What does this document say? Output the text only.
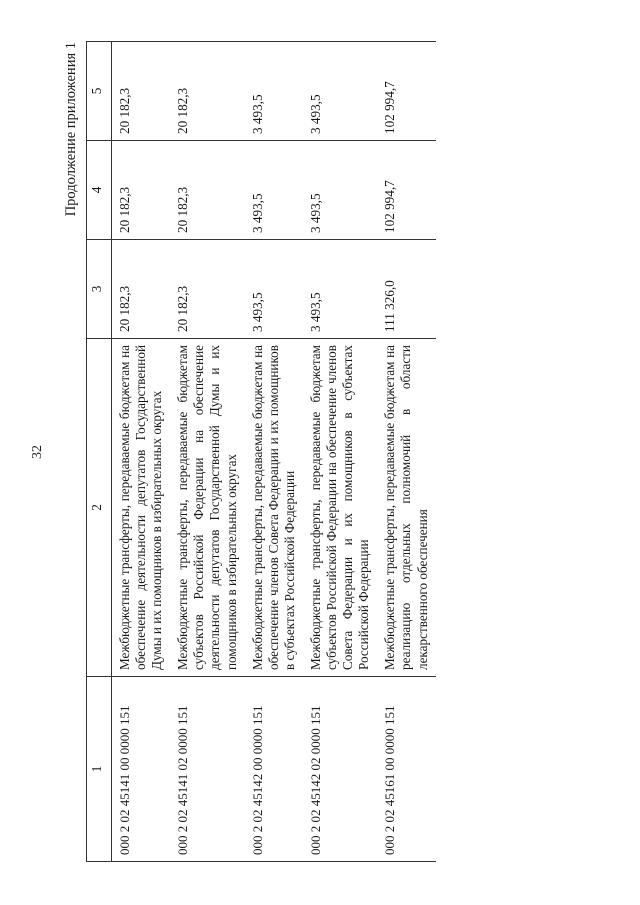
32
Продолжение приложения 1
1	2	3	4	5
000 2 02 45141 00 0000 151	Межбюджетные трансферты, передаваемые бюджетам на обеспечение деятельности депутатов Государственной Думы и их помощников в избирательных округах	20 182,3	20 182,3	20 182,3
000 2 02 45141 02 0000 151	Межбюджетные трансферты, передаваемые бюджетам субъектов Российской Федерации на обеспечение деятельности депутатов Государственной Думы и их помощников в избирательных округах	20 182,3	20 182,3	20 182,3
000 2 02 45142 00 0000 151	Межбюджетные трансферты, передаваемые бюджетам на обеспечение членов Совета Федерации и их помощников в субъектах Российской Федерации	3 493,5	3 493,5	3 493,5
000 2 02 45142 02 0000 151	Межбюджетные трансферты, передаваемые бюджетам субъектов Российской Федерации на обеспечение членов Совета Федерации и их помощников в субъектах Российской Федерации	3 493,5	3 493,5	3 493,5
000 2 02 45161 00 0000 151	Межбюджетные трансферты, передаваемые бюджетам на реализацию отдельных полномочий в области лекарственного обеспечения	111 326,0	102 994,7	102 994,7
